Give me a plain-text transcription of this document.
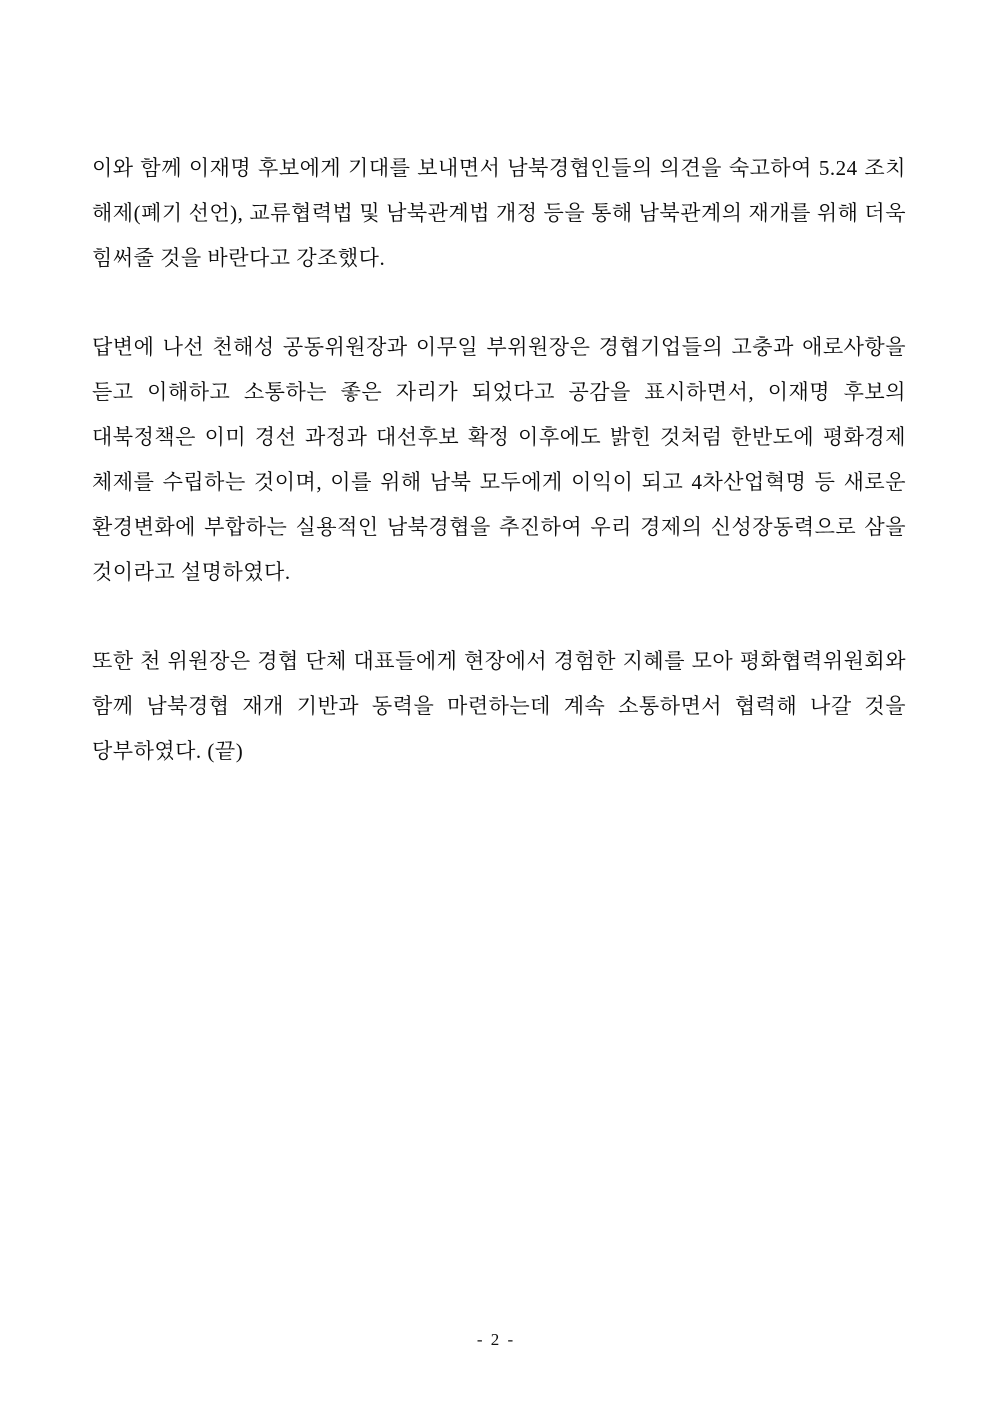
이와 함께 이재명 후보에게 기대를 보내면서 남북경협인들의 의견을 숙고하여 5.24 조치 해제(폐기 선언), 교류협력법 및 남북관계법 개정 등을 통해 남북관계의 재개를 위해 더욱 힘써줄 것을 바란다고 강조했다.

답변에 나선 천해성 공동위원장과 이무일 부위원장은 경협기업들의 고충과 애로사항을 듣고 이해하고 소통하는 좋은 자리가 되었다고 공감을 표시하면서, 이재명 후보의 대북정책은 이미 경선 과정과 대선후보 확정 이후에도 밝힌 것처럼 한반도에 평화경제 체제를 수립하는 것이며, 이를 위해 남북 모두에게 이익이 되고 4차산업혁명 등 새로운 환경변화에 부합하는 실용적인 남북경협을 추진하여 우리 경제의 신성장동력으로 삼을 것이라고 설명하였다.

또한 천 위원장은 경협 단체 대표들에게 현장에서 경험한 지혜를 모아 평화협력위원회와 함께 남북경협 재개 기반과 동력을 마련하는데 계속 소통하면서 협력해 나갈 것을 당부하였다. (끝)

- 2 -
